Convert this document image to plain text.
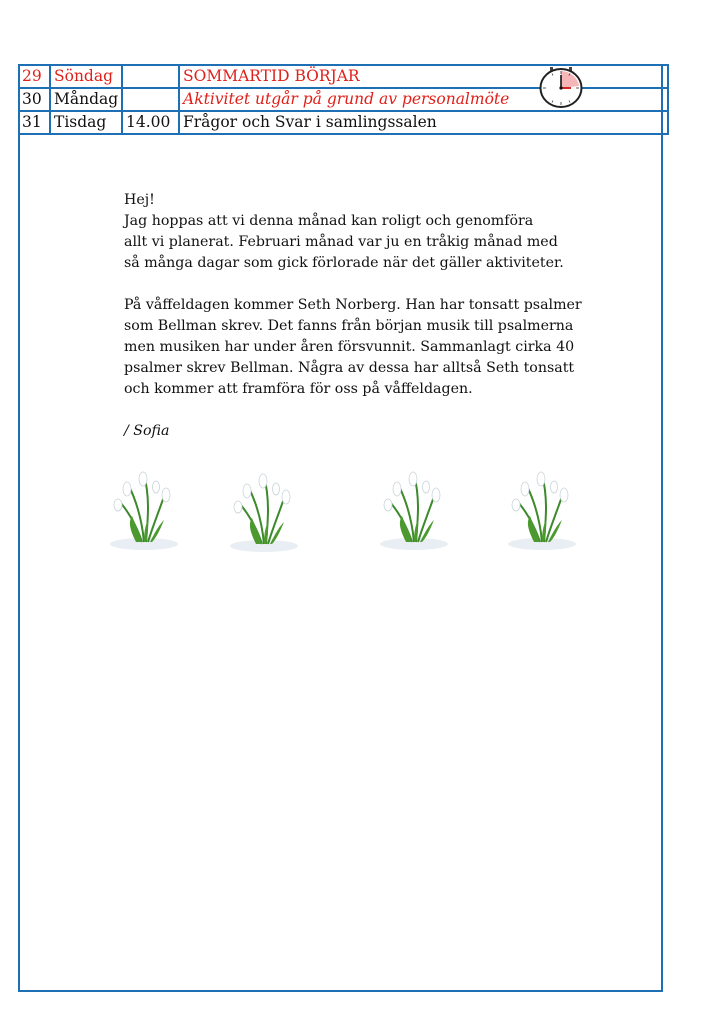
29	Söndag		SOMMARTID BÖRJAR
30	Måndag		Aktivitet utgår på grund av personalmöte
31	Tisdag	14.00	Frågor och Svar i samlingssalen

Hej!

Jag hoppas att vi denna månad kan roligt och genomföra
allt vi planerat. Februari månad var ju en tråkig månad med
så många dagar som gick förlorade när det gäller aktiviteter.

På våffeldagen kommer Seth Norberg. Han har tonsatt psalmer
som Bellman skrev. Det fanns från början musik till psalmerna
men musiken har under åren försvunnit. Sammanlagt cirka 40
psalmer skrev Bellman. Några av dessa har alltså Seth tonsatt
och kommer att framföra för oss på våffeldagen.

/ Sofia
